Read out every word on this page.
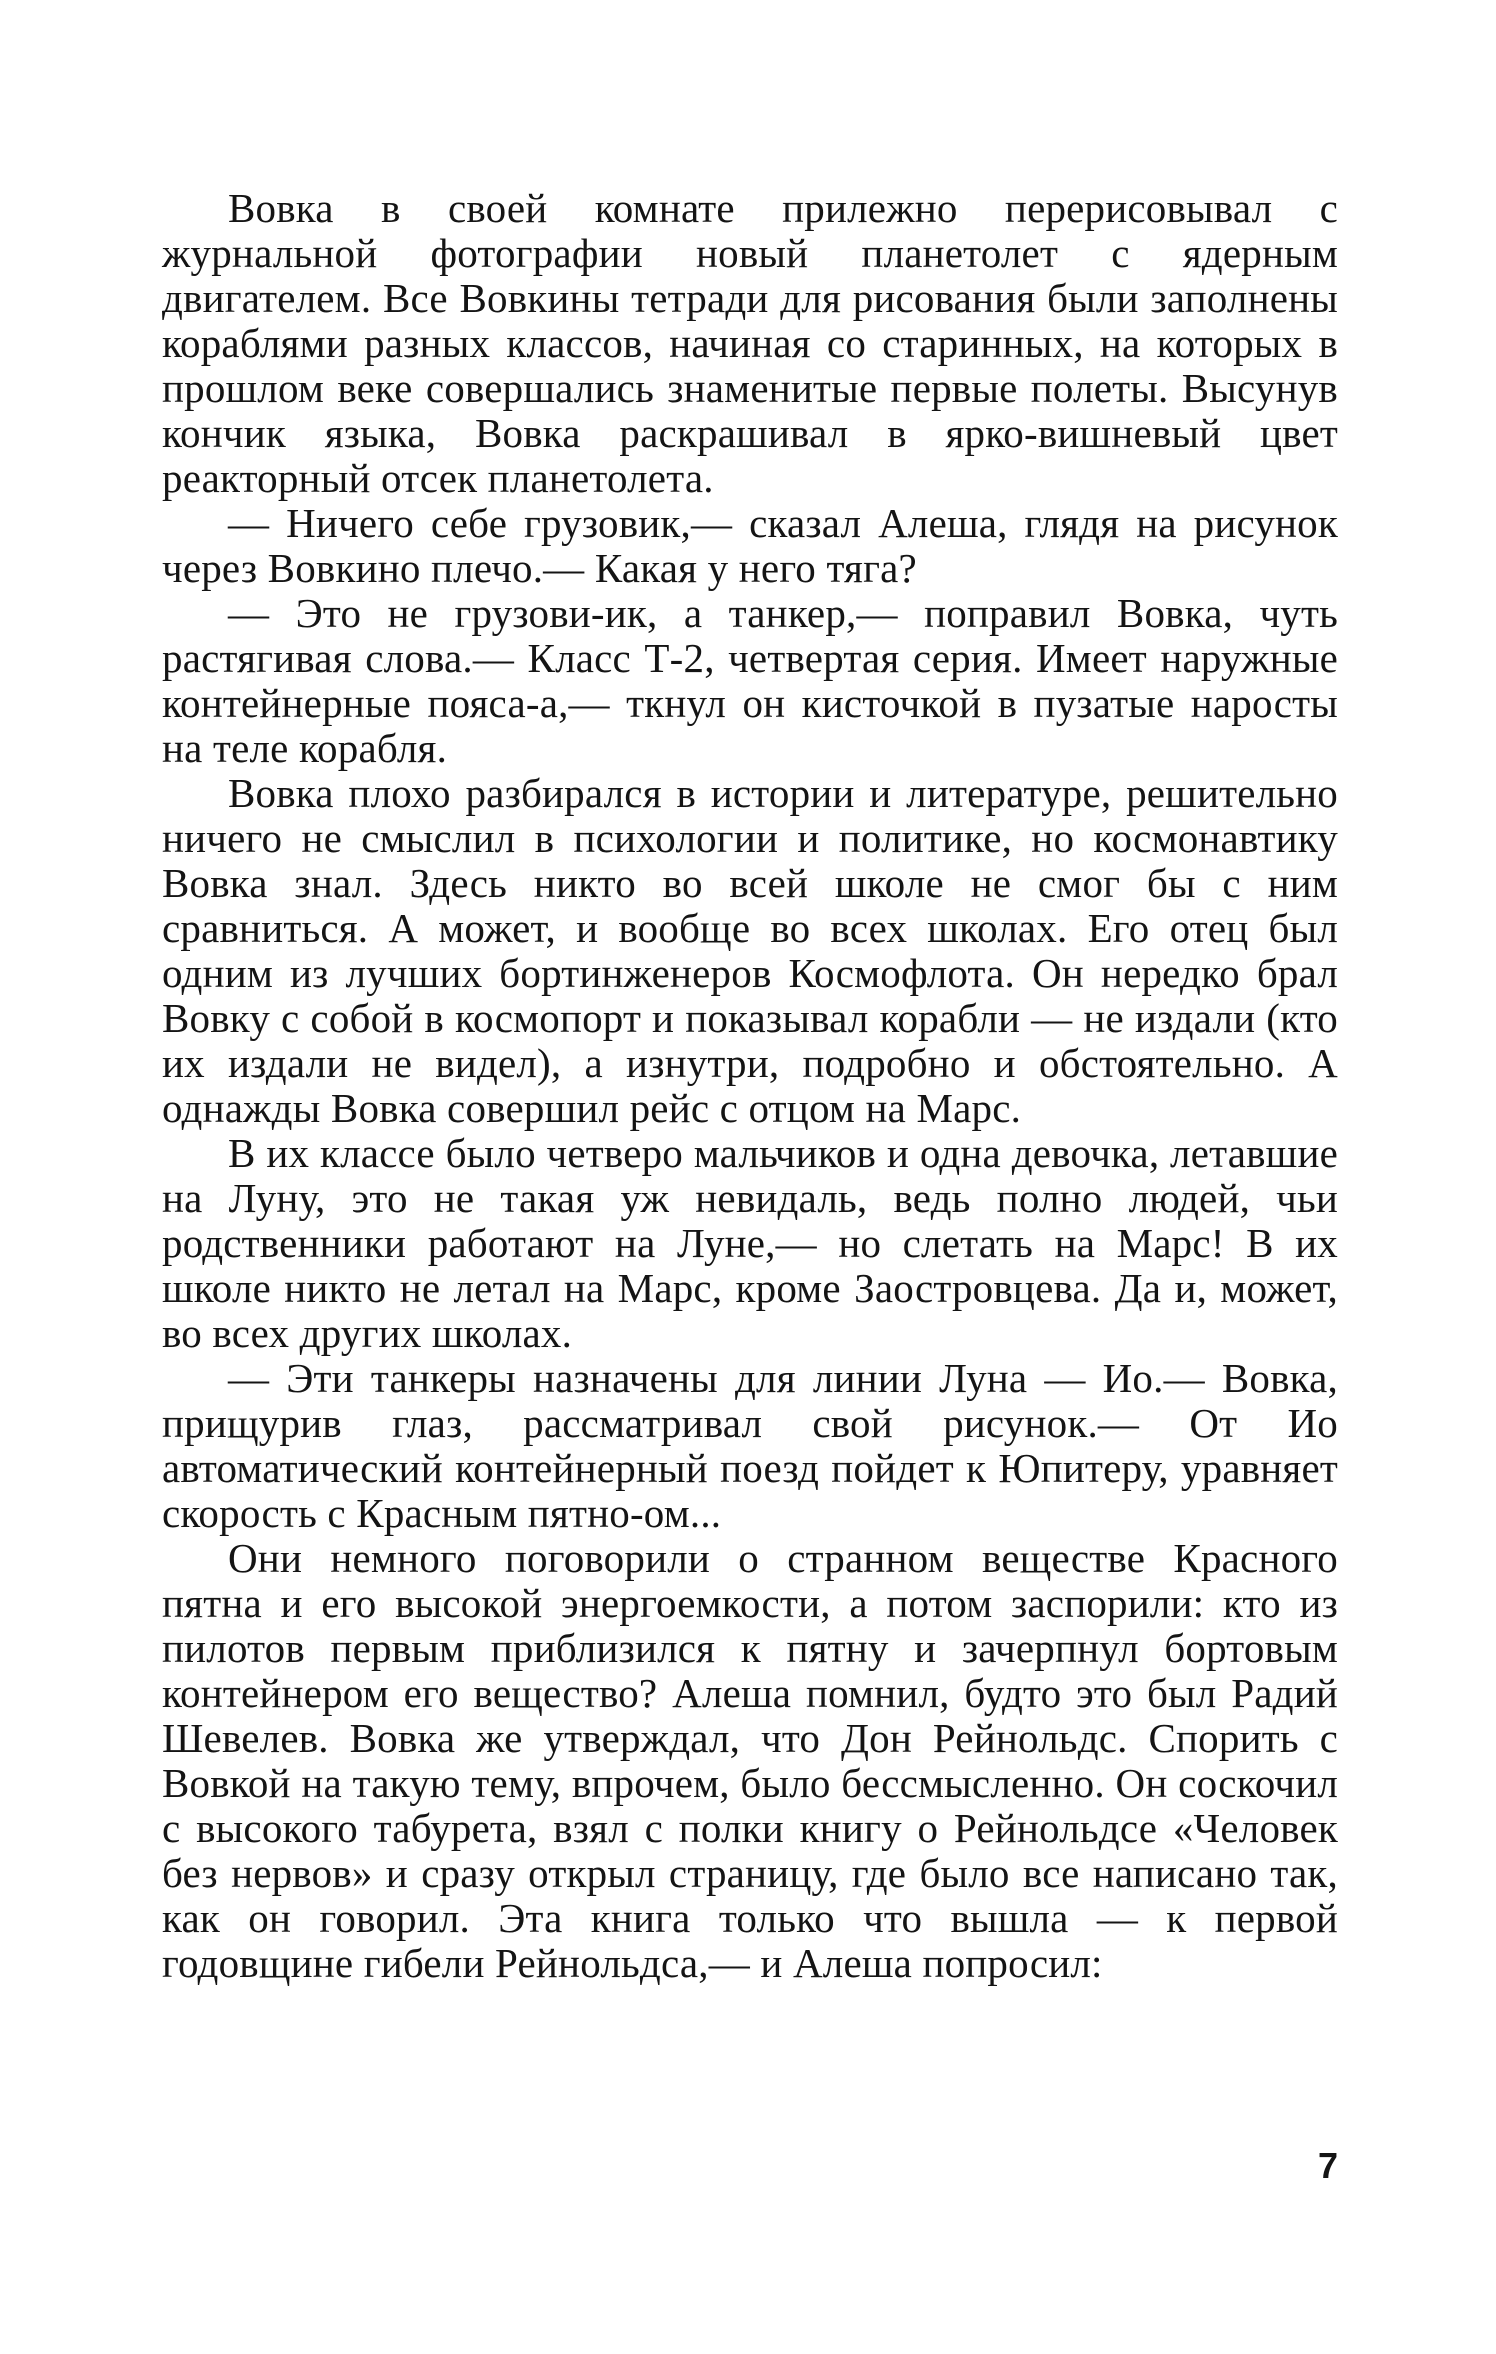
Вовка в своей комнате прилежно перерисовывал с журнальной фотографии новый планетолет с ядерным двигателем. Все Вовкины тетради для рисования были заполнены кораблями разных классов, начиная со старинных, на которых в прошлом веке совершались знаменитые первые полеты. Высунув кончик языка, Вовка раскрашивал в ярко-вишневый цвет реакторный отсек планетолета.

— Ничего себе грузовик,— сказал Алеша, глядя на рисунок через Вовкино плечо.— Какая у него тяга?

— Это не грузови-ик, а танкер,— поправил Вовка, чуть растягивая слова.— Класс Т-2, четвертая серия. Имеет наружные контейнерные пояса-а,— ткнул он кисточкой в пузатые наросты на теле корабля.

Вовка плохо разбирался в истории и литературе, решительно ничего не смыслил в психологии и политике, но космонавтику Вовка знал. Здесь никто во всей школе не смог бы с ним сравниться. А может, и вообще во всех школах. Его отец был одним из лучших бортинженеров Космофлота. Он нередко брал Вовку с собой в космопорт и показывал корабли — не издали (кто их издали не видел), а изнутри, подробно и обстоятельно. А однажды Вовка совершил рейс с отцом на Марс.

В их классе было четверо мальчиков и одна девочка, летавшие на Луну, это не такая уж невидаль, ведь полно людей, чьи родственники работают на Луне,— но слетать на Марс! В их школе никто не летал на Марс, кроме Заостровцева. Да и, может, во всех других школах.

— Эти танкеры назначены для линии Луна — Ио.— Вовка, прищурив глаз, рассматривал свой рисунок.— От Ио автоматический контейнерный поезд пойдет к Юпитеру, уравняет скорость с Красным пятно-ом...

Они немного поговорили о странном веществе Красного пятна и его высокой энергоемкости, а потом заспорили: кто из пилотов первым приблизился к пятну и зачерпнул бортовым контейнером его вещество? Алеша помнил, будто это был Радий Шевелев. Вовка же утверждал, что Дон Рейнольдс. Спорить с Вовкой на такую тему, впрочем, было бессмысленно. Он соскочил с высокого табурета, взял с полки книгу о Рейнольдсе «Человек без нервов» и сразу открыл страницу, где было все написано так, как он говорил. Эта книга только что вышла — к первой годовщине гибели Рейнольдса,— и Алеша попросил:

7
